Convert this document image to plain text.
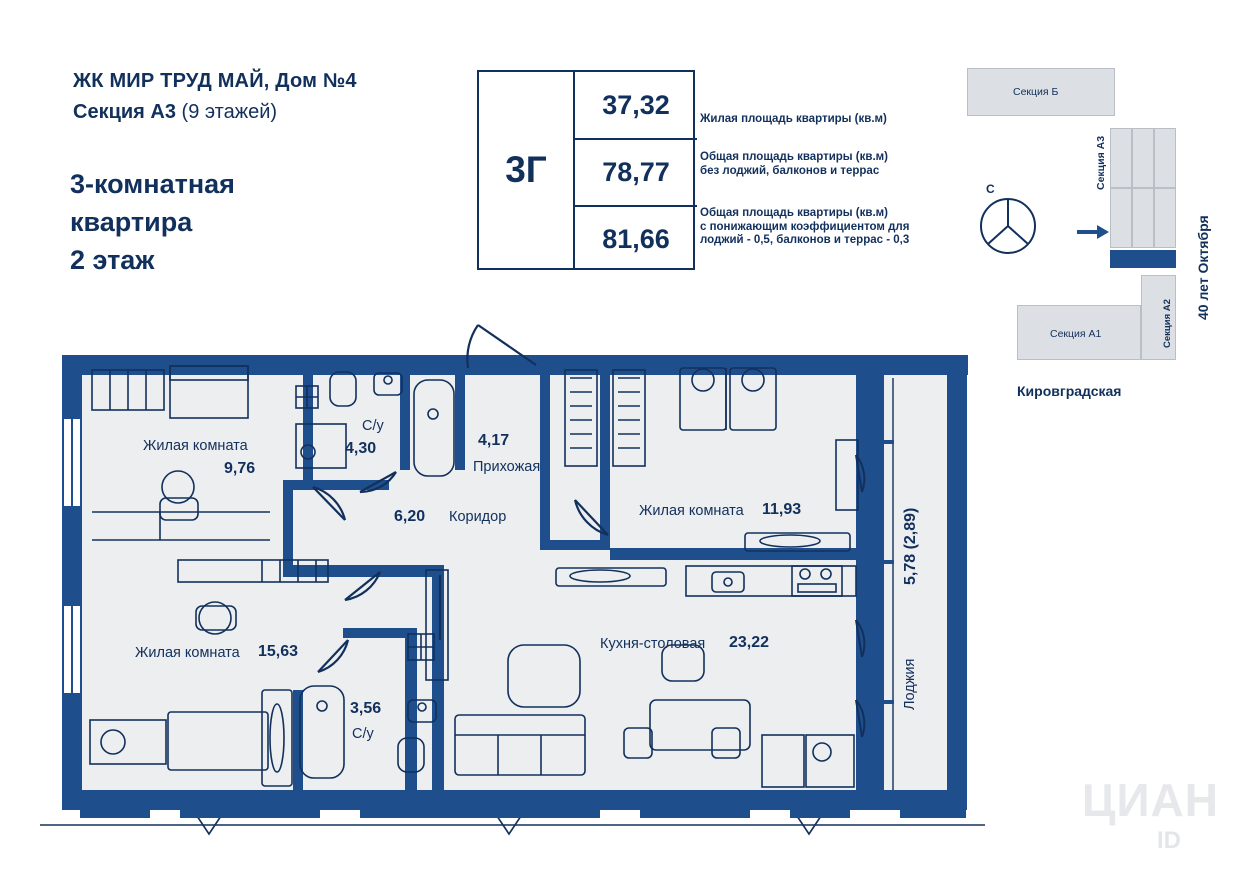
ЖК МИР ТРУД МАЙ, Дом №4
Секция А3 (9 этажей)
3-комнатная
квартира
2 этаж
3Г
37,32
78,77
81,66
Жилая площадь квартиры (кв.м)
Общая площадь квартиры (кв.м)
без лоджий, балконов и террас
Общая площадь квартиры (кв.м)
с понижающим коэффициентом для
лоджий - 0,5, балконов и террас - 0,3
С
Секция Б
Секция А3
Секция А2
Секция А1
40 лет Октября
Кировградская
Жилая комната
9,76
4,30
С/у
4,17
Прихожая
6,20 Коридор	Жилая комната 11,93
Жилая комната 15,63
3,56
С/у
Кухня-столовая 23,22
5,78 (2,89)
Лоджия
ЦИАН
ID
